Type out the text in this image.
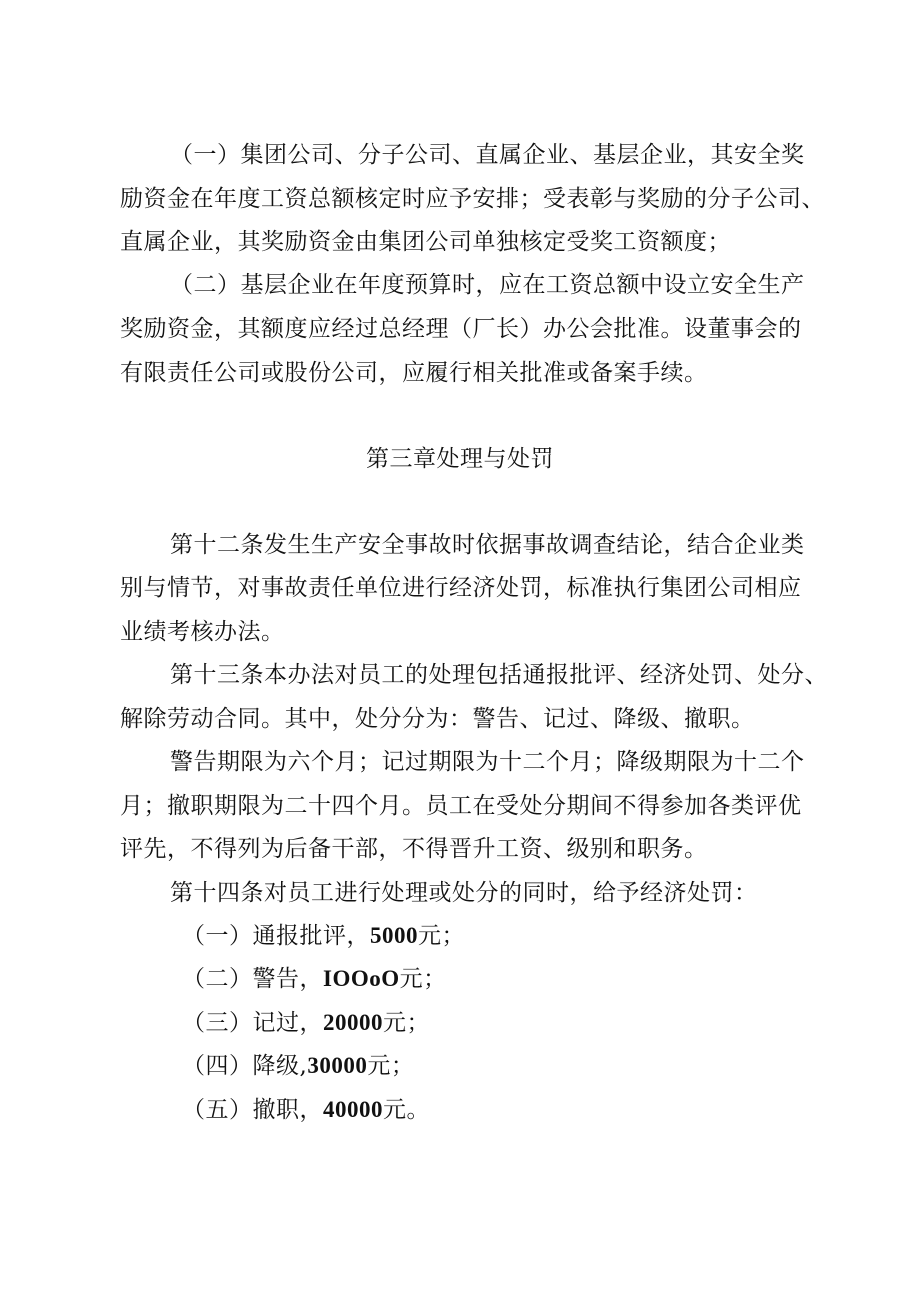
（一）集团公司、分子公司、直属企业、基层企业，其安全奖
励资金在年度工资总额核定时应予安排；受表彰与奖励的分子公司、
直属企业，其奖励资金由集团公司单独核定受奖工资额度；
（二）基层企业在年度预算时，应在工资总额中设立安全生产
奖励资金，其额度应经过总经理（厂长）办公会批准。设董事会的
有限责任公司或股份公司，应履行相关批准或备案手续。
第三章处理与处罚
第十二条发生生产安全事故时依据事故调查结论，结合企业类
别与情节，对事故责任单位进行经济处罚，标准执行集团公司相应
业绩考核办法。
第十三条本办法对员工的处理包括通报批评、经济处罚、处分、
解除劳动合同。其中，处分分为：警告、记过、降级、撤职。
警告期限为六个月；记过期限为十二个月；降级期限为十二个
月；撤职期限为二十四个月。员工在受处分期间不得参加各类评优
评先，不得列为后备干部，不得晋升工资、级别和职务。
第十四条对员工进行处理或处分的同时，给予经济处罚：
（一）通报批评，5000元；
（二）警告，IOOoO元；
（三）记过，20000元；
（四）降级,30000元；
（五）撤职，40000元。
